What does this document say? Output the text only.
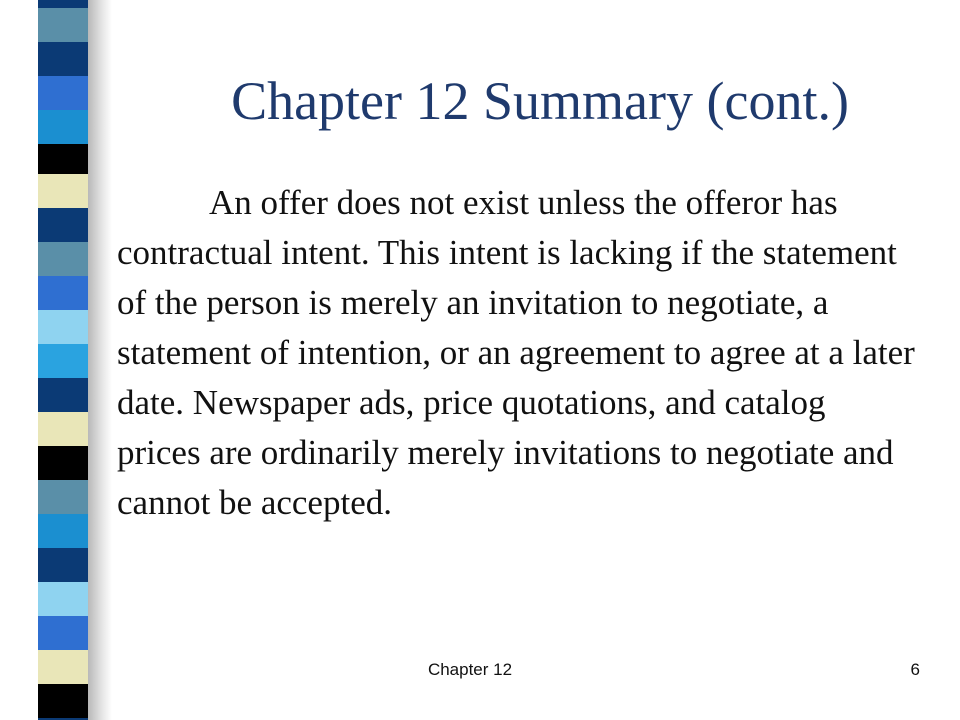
Chapter 12 Summary (cont.)

An offer does not exist unless the offeror has contractual intent. This intent is lacking if the statement of the person is merely an invitation to negotiate, a statement of intention, or an agreement to agree at a later date. Newspaper ads, price quotations, and catalog prices are ordinarily merely invitations to negotiate and cannot be accepted.

Chapter 12	6
